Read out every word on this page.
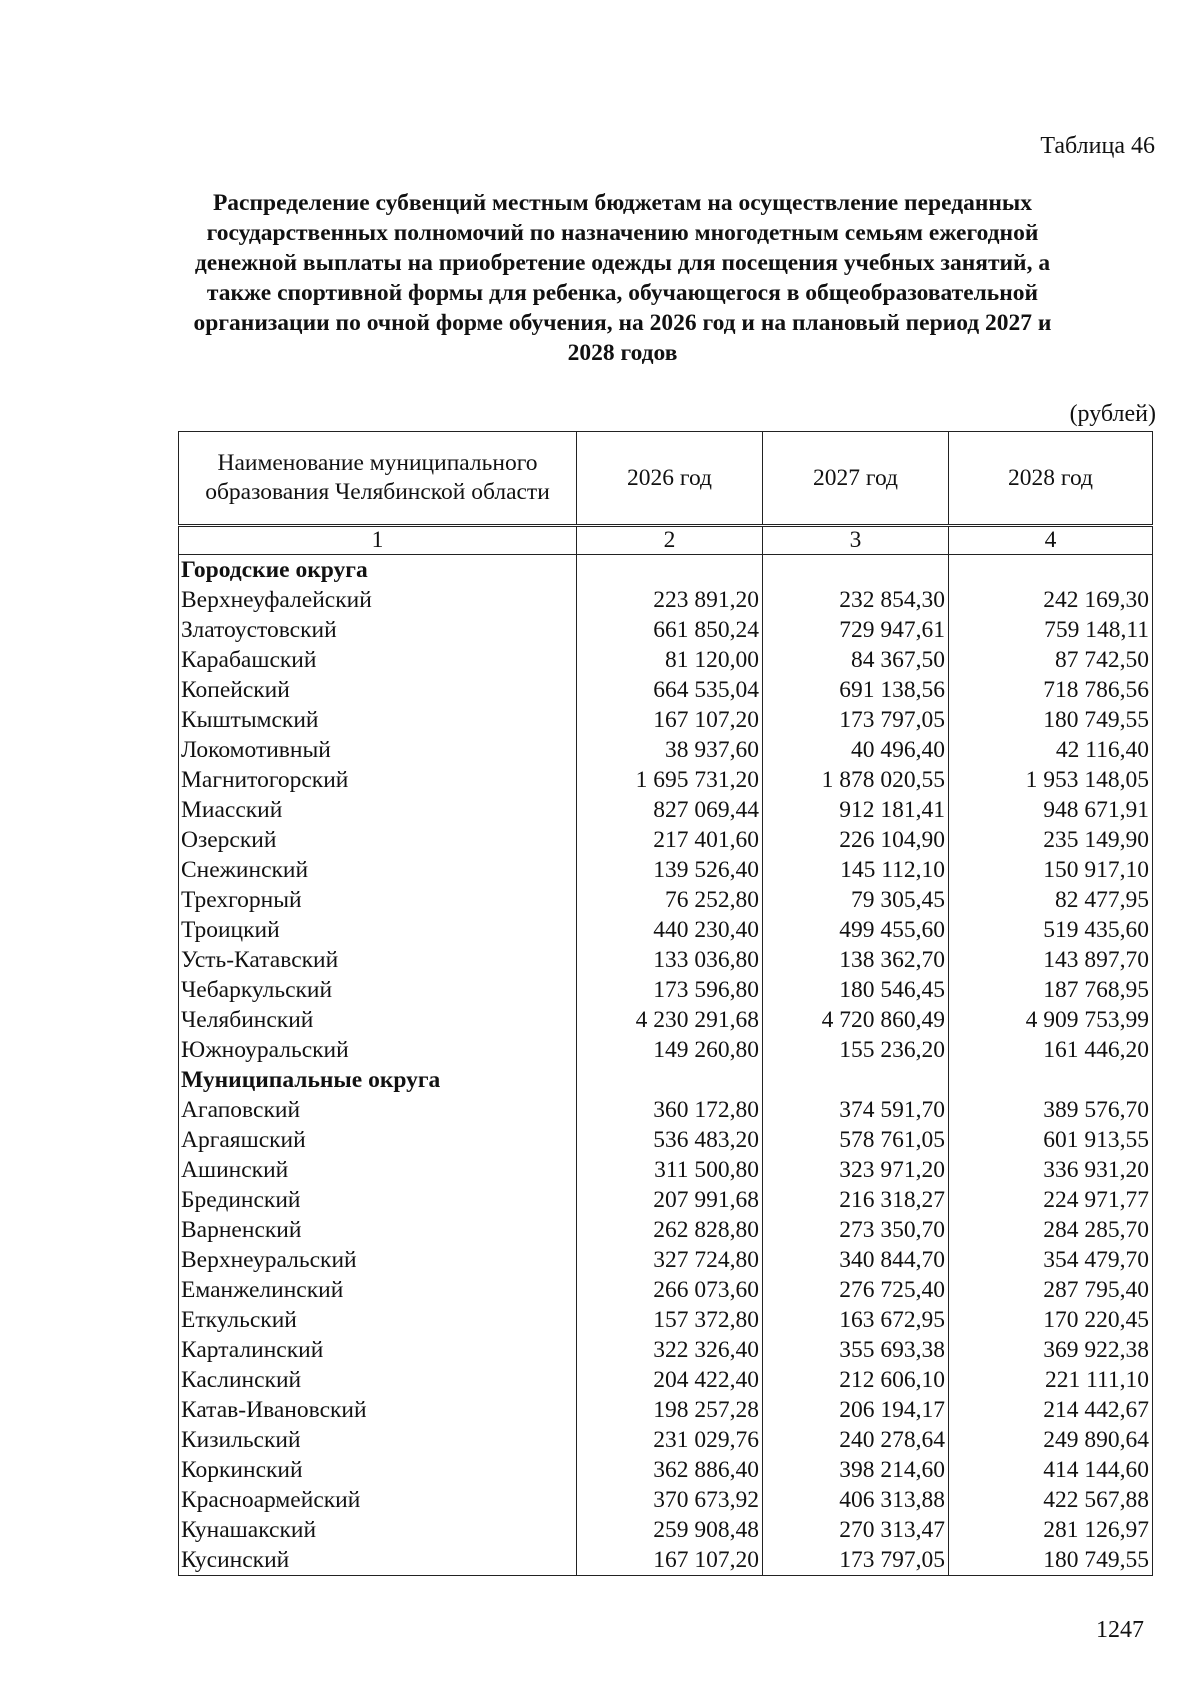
Таблица 46
Распределение субвенций местным бюджетам на осуществление переданных государственных полномочий по назначению многодетным семьям ежегодной денежной выплаты на приобретение одежды для посещения учебных занятий, а также спортивной формы для ребенка, обучающегося в общеобразовательной организации по очной форме обучения, на 2026 год и на плановый период 2027 и 2028 годов
(рублей)
Наименование муниципального образования Челябинской области	2026 год	2027 год	2028 год
1	2	3	4
Городские округа			
Верхнеуфалейский	223 891,20	232 854,30	242 169,30
Златоустовский	661 850,24	729 947,61	759 148,11
Карабашский	81 120,00	84 367,50	87 742,50
Копейский	664 535,04	691 138,56	718 786,56
Кыштымский	167 107,20	173 797,05	180 749,55
Локомотивный	38 937,60	40 496,40	42 116,40
Магнитогорский	1 695 731,20	1 878 020,55	1 953 148,05
Миасский	827 069,44	912 181,41	948 671,91
Озерский	217 401,60	226 104,90	235 149,90
Снежинский	139 526,40	145 112,10	150 917,10
Трехгорный	76 252,80	79 305,45	82 477,95
Троицкий	440 230,40	499 455,60	519 435,60
Усть-Катавский	133 036,80	138 362,70	143 897,70
Чебаркульский	173 596,80	180 546,45	187 768,95
Челябинский	4 230 291,68	4 720 860,49	4 909 753,99
Южноуральский	149 260,80	155 236,20	161 446,20
Муниципальные округа			
Агаповский	360 172,80	374 591,70	389 576,70
Аргаяшский	536 483,20	578 761,05	601 913,55
Ашинский	311 500,80	323 971,20	336 931,20
Брединский	207 991,68	216 318,27	224 971,77
Варненский	262 828,80	273 350,70	284 285,70
Верхнеуральский	327 724,80	340 844,70	354 479,70
Еманжелинский	266 073,60	276 725,40	287 795,40
Еткульский	157 372,80	163 672,95	170 220,45
Карталинский	322 326,40	355 693,38	369 922,38
Каслинский	204 422,40	212 606,10	221 111,10
Катав-Ивановский	198 257,28	206 194,17	214 442,67
Кизильский	231 029,76	240 278,64	249 890,64
Коркинский	362 886,40	398 214,60	414 144,60
Красноармейский	370 673,92	406 313,88	422 567,88
Кунашакский	259 908,48	270 313,47	281 126,97
Кусинский	167 107,20	173 797,05	180 749,55
1247
